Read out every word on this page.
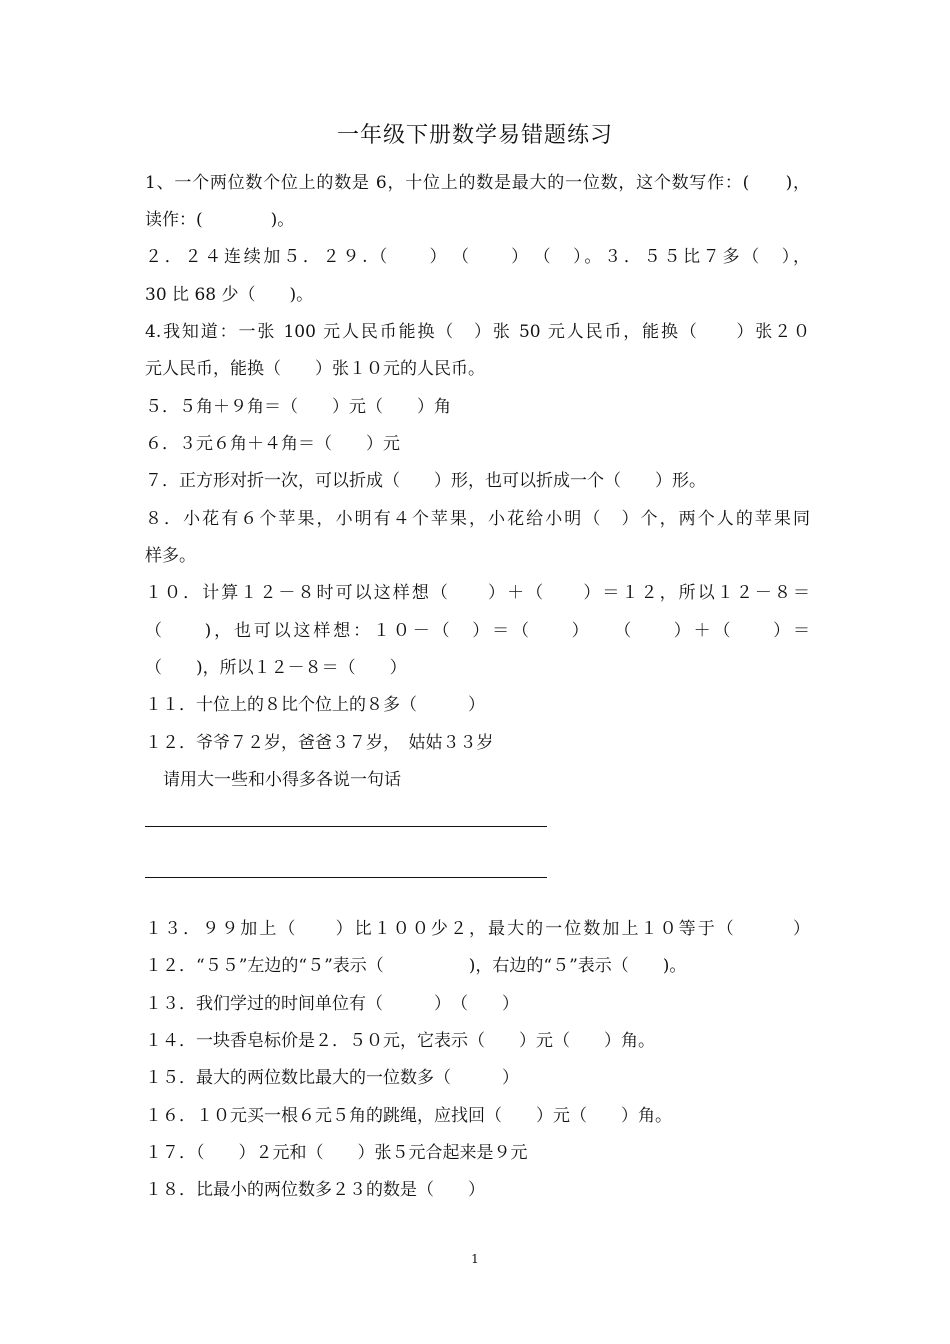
一年级下册数学易错题练习
1、一个两位数个位上的数是 6，十位上的数是最大的一位数，这个数写作：(　　)，
读作：(　　　　)。
２．２４连续加５．２９.（　　）　（　　）　（　）。３．５５比７多（　），
30 比 68 少（　　)。
4.我知道：一张 100 元人民币能换（　）张 50 元人民币，能换（　　）张２０
元人民币，能换（　　）张１０元的人民币。
５．５角＋９角＝（　　）元（　　）角
６．３元６角＋４角＝（　　）元
７．正方形对折一次，可以折成（　　）形，也可以折成一个（　　）形。
８．小花有６个苹果，小明有４个苹果，小花给小明（　）个，两个人的苹果同
样多。
１０．计算１２－８时可以这样想（　　）＋（　　）＝１２，所以１２－８＝
（　　)，也可以这样想：１０－（　）＝（　　）　　（　　）＋（　　）＝
（　　)，所以１２－８＝（　　）
１１．十位上的８比个位上的８多（　　　）
１２．爷爷７２岁，爸爸３７岁，　姑姑３３岁
请用大一些和小得多各说一句话
１３．９９加上（　　）比１００少２，最大的一位数加上１０等于（　　　）
１２．“５５”左边的“５”表示（　　　　　)，右边的“５”表示（　　)。
１３．我们学过的时间单位有（　　　）　（　　）
１４．一块香皂标价是２．５０元，它表示（　　）元（　　）角。
１５．最大的两位数比最大的一位数多（　　　）
１６．１０元买一根６元５角的跳绳，应找回（　　）元（　　）角。
１７．（　　）２元和（　　）张５元合起来是９元
１８．比最小的两位数多２３的数是（　　）
1
